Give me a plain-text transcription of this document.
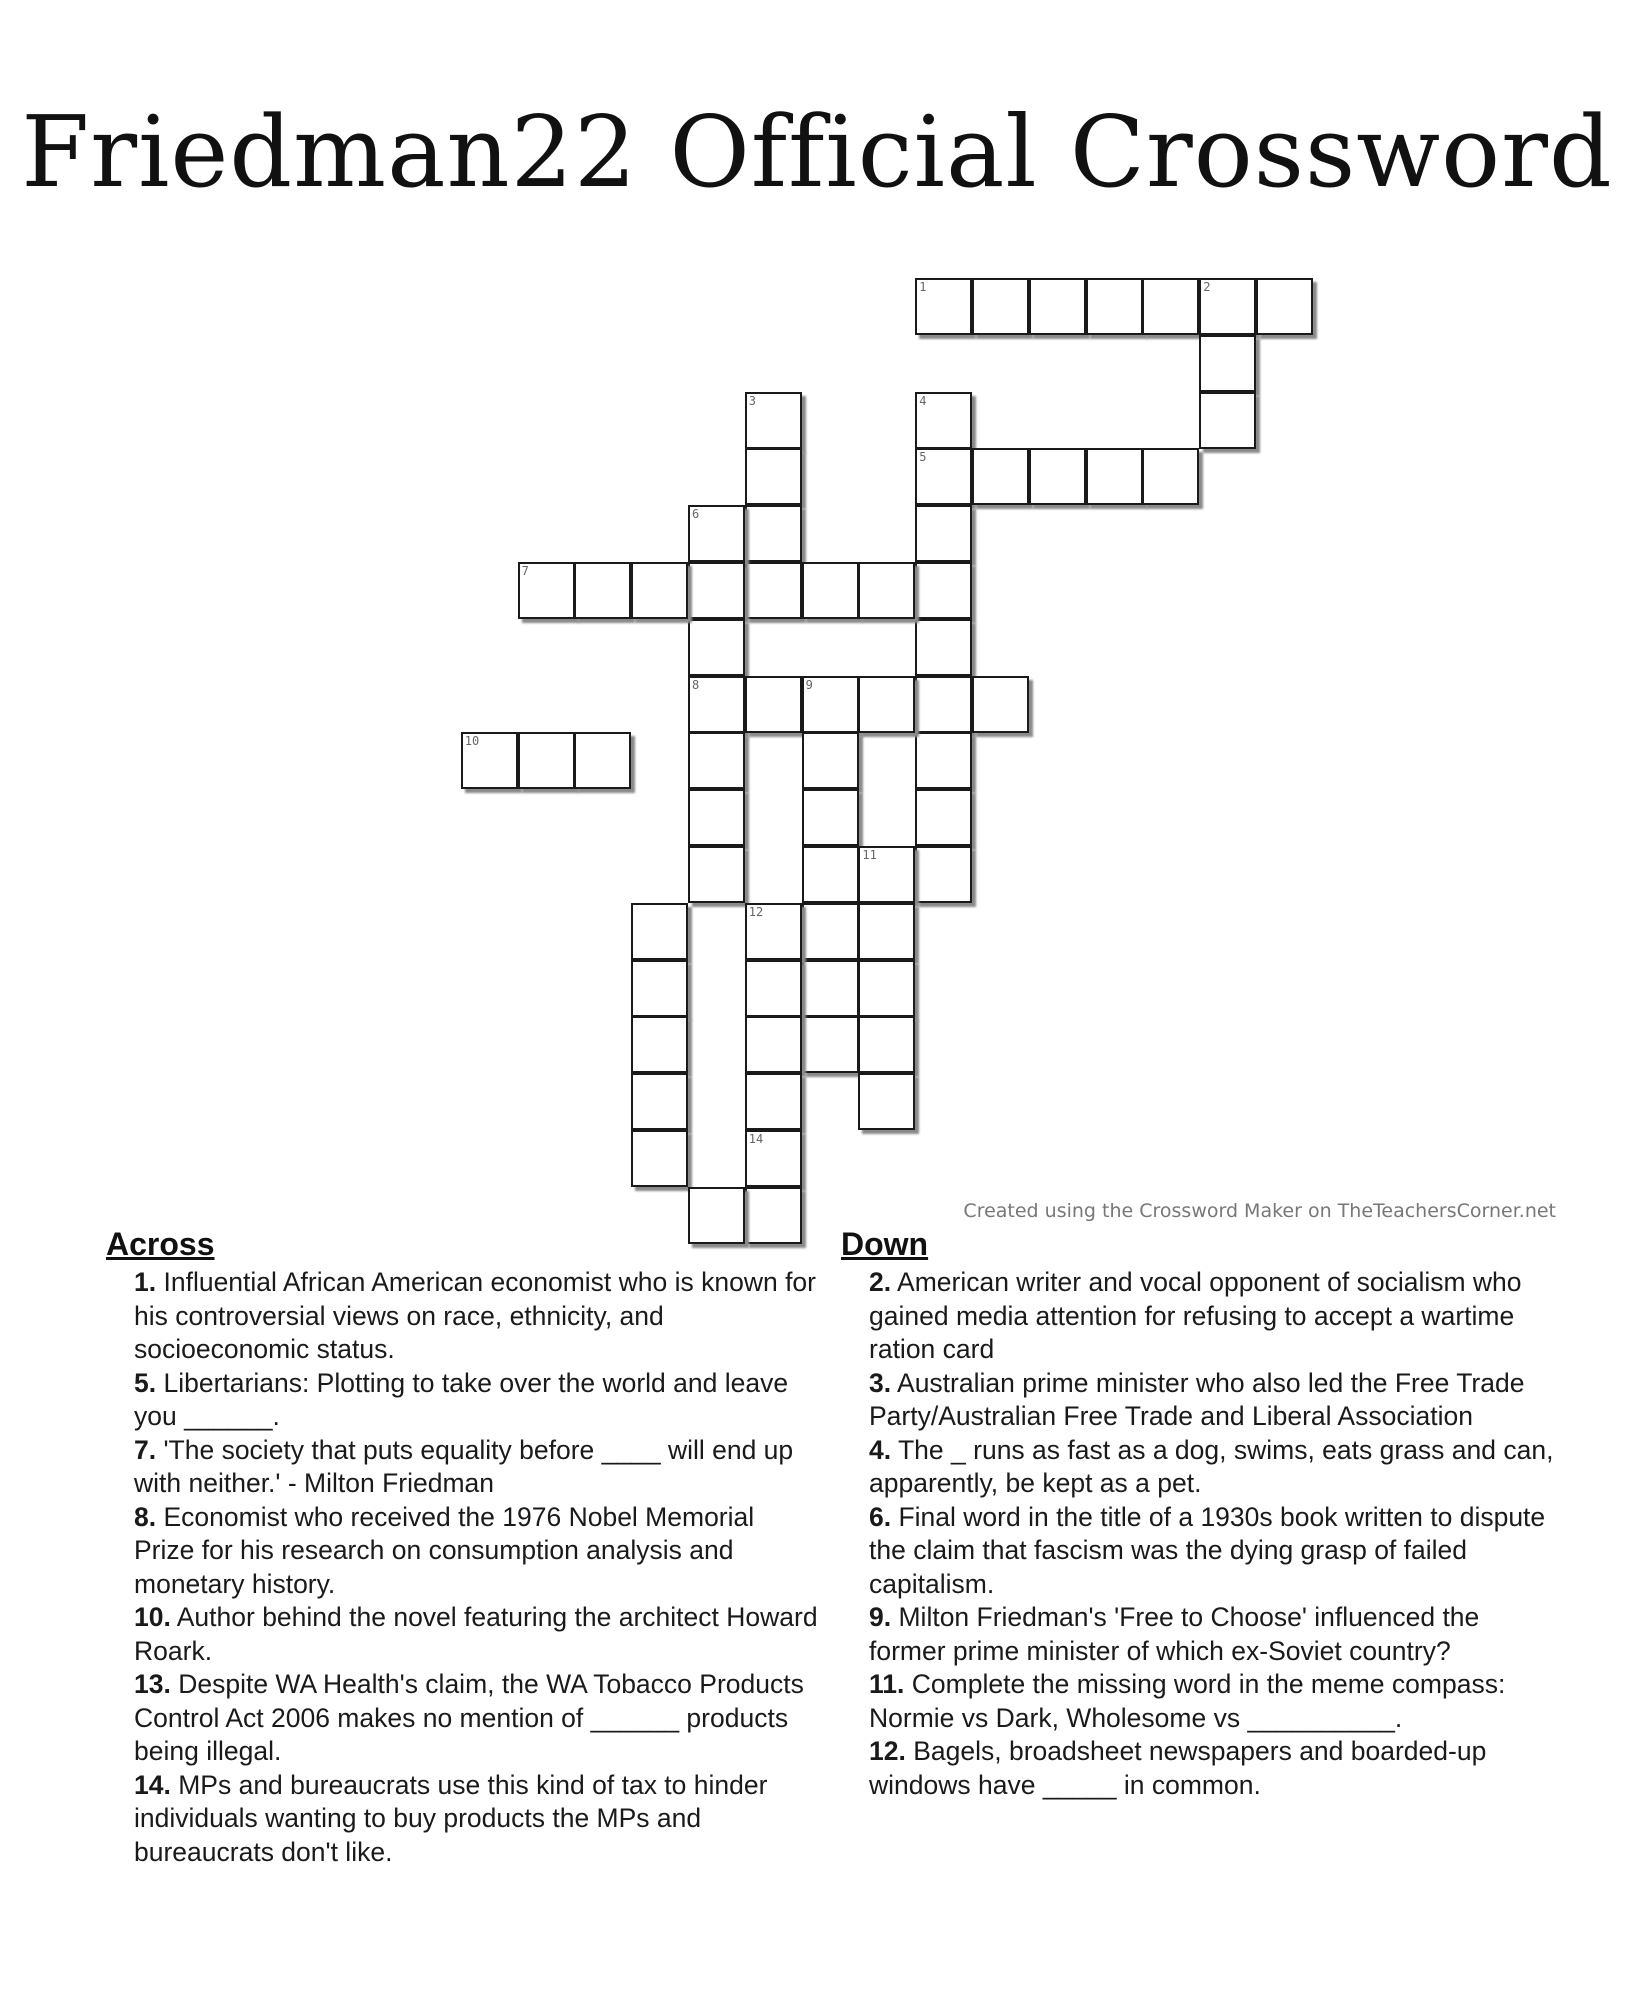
Friedman22 Official Crossword
1	2
3	4
5
6
8
7
9
10
12
14
11
Created using the Crossword Maker on TheTeachersCorner.net
Across

1. Influential African American economist who is known for his controversial views on race, ethnicity, and socioeconomic status.

5. Libertarians: Plotting to take over the world and leave you ______.

7. 'The society that puts equality before ____ will end up with neither.' - Milton Friedman

8. Economist who received the 1976 Nobel Memorial Prize for his research on consumption analysis and monetary history.

10. Author behind the novel featuring the architect Howard Roark.

13. Despite WA Health's claim, the WA Tobacco Products Control Act 2006 makes no mention of ______ products being illegal.

14. MPs and bureaucrats use this kind of tax to hinder individuals wanting to buy products the MPs and bureaucrats don't like.

Down

2. American writer and vocal opponent of socialism who gained media attention for refusing to accept a wartime ration card

3. Australian prime minister who also led the Free Trade Party/Australian Free Trade and Liberal Association

4. The _ runs as fast as a dog, swims, eats grass and can, apparently, be kept as a pet.

6. Final word in the title of a 1930s book written to dispute the claim that fascism was the dying grasp of failed capitalism.

9. Milton Friedman's 'Free to Choose' influenced the former prime minister of which ex-Soviet country?

11. Complete the missing word in the meme compass: Normie vs Dark, Wholesome vs __________.

12. Bagels, broadsheet newspapers and boarded-up windows have _____ in common.
